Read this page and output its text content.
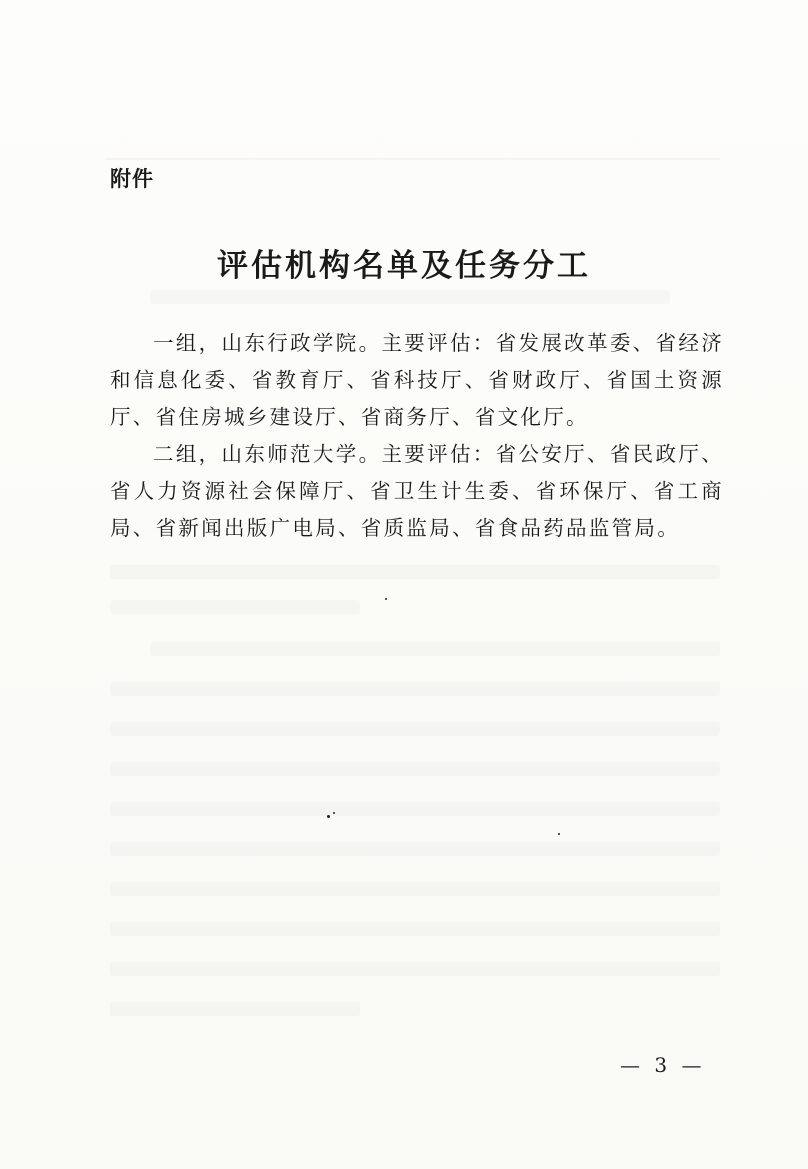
附件
评估机构名单及任务分工

一组，山东行政学院。主要评估：省发展改革委、省经济和信息化委、省教育厅、省科技厅、省财政厅、省国土资源厅、省住房城乡建设厅、省商务厅、省文化厅。

二组，山东师范大学。主要评估：省公安厅、省民政厅、省人力资源社会保障厅、省卫生计生委、省环保厅、省工商局、省新闻出版广电局、省质监局、省食品药品监管局。

— 3 —
